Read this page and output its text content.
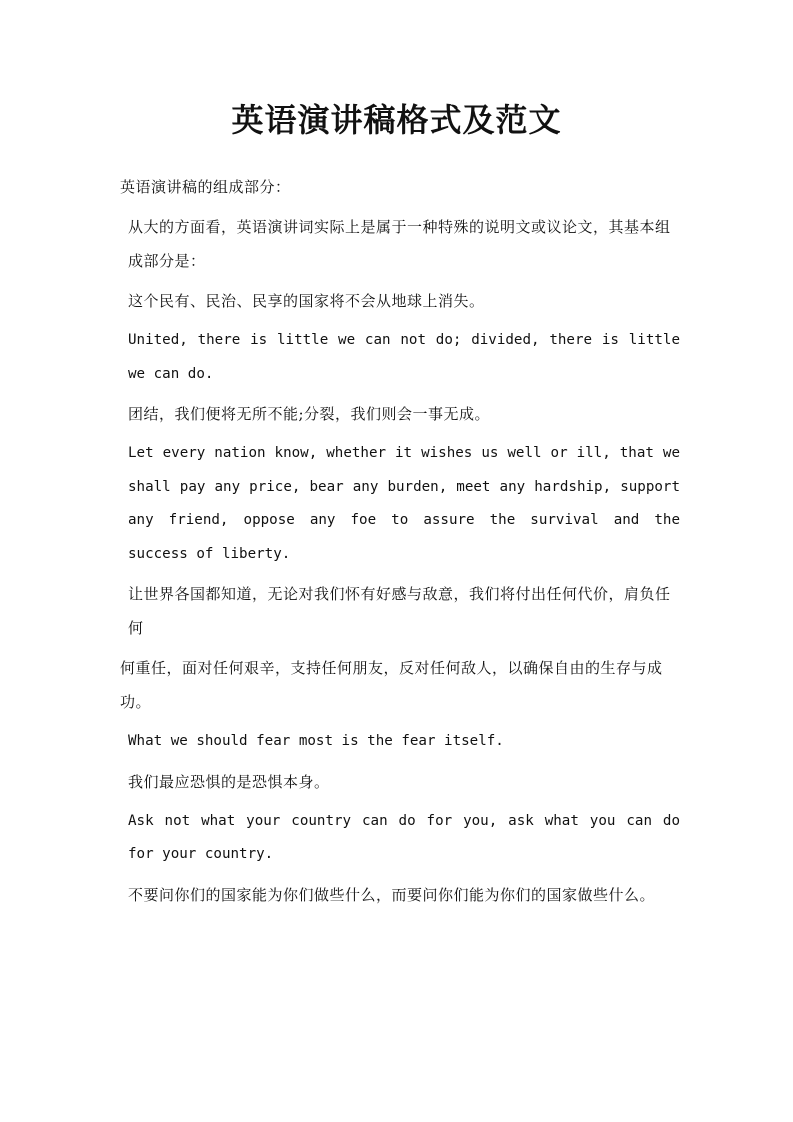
英语演讲稿格式及范文

英语演讲稿的组成部分：

从大的方面看，英语演讲词实际上是属于一种特殊的说明文或议论文，其基本组成部分是：

这个民有、民治、民享的国家将不会从地球上消失。

United, there is little we can not do; divided, there is little we can do.

团结，我们便将无所不能;分裂，我们则会一事无成。

Let every nation know, whether it wishes us well or ill, that we shall pay any price, bear any burden, meet any hardship, support any friend, oppose any foe to assure the survival and the success of liberty.

让世界各国都知道，无论对我们怀有好感与敌意，我们将付出任何代价，肩负任何

何重任，面对任何艰辛，支持任何朋友，反对任何敌人，以确保自由的生存与成功。

What we should fear most is the fear itself.

我们最应恐惧的是恐惧本身。

Ask not what your country can do for you, ask what you can do for your country.

不要问你们的国家能为你们做些什么，而要问你们能为你们的国家做些什么。
